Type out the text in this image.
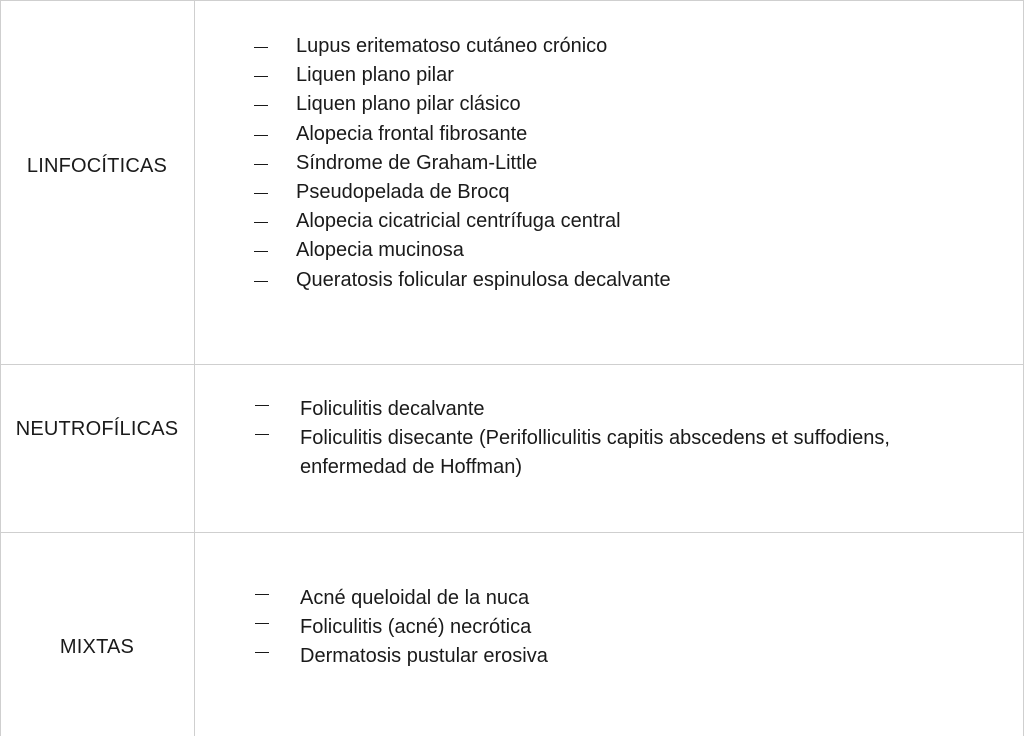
LINFOCÍTICAS
Lupus eritematoso cutáneo crónico
Liquen plano pilar
Liquen plano pilar clásico
Alopecia frontal fibrosante
Síndrome de Graham-Little
Pseudopelada de Brocq
Alopecia cicatricial centrífuga central
Alopecia mucinosa
Queratosis folicular espinulosa decalvante
NEUTROFÍLICAS
Foliculitis decalvante
Foliculitis disecante (Perifolliculitis capitis abscedens et suffodiens, enfermedad de Hoffman)
MIXTAS
Acné queloidal de la nuca
Foliculitis (acné) necrótica
Dermatosis pustular erosiva
